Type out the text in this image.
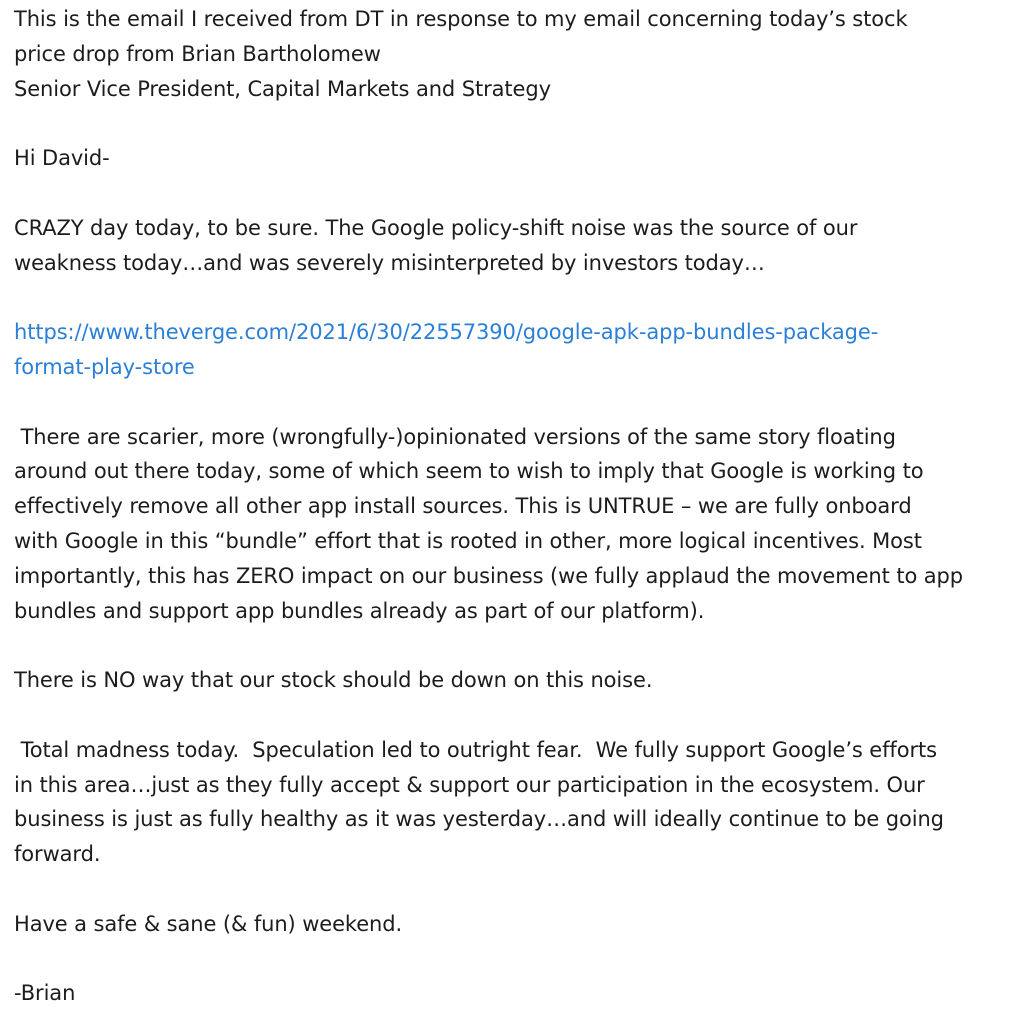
This is the email I received from DT in response to my email concerning today’s stock
price drop from Brian Bartholomew
Senior Vice President, Capital Markets and Strategy
Hi David-
CRAZY day today, to be sure. The Google policy-shift noise was the source of our
weakness today…and was severely misinterpreted by investors today…
https://www.theverge.com/2021/6/30/22557390/google-apk-app-bundles-package-
format-play-store
There are scarier, more (wrongfully-)opinionated versions of the same story floating
around out there today, some of which seem to wish to imply that Google is working to
effectively remove all other app install sources. This is UNTRUE – we are fully onboard
with Google in this “bundle” effort that is rooted in other, more logical incentives. Most
importantly, this has ZERO impact on our business (we fully applaud the movement to app
bundles and support app bundles already as part of our platform).
There is NO way that our stock should be down on this noise.
Total madness today.  Speculation led to outright fear.  We fully support Google’s efforts
in this area…just as they fully accept & support our participation in the ecosystem. Our
business is just as fully healthy as it was yesterday…and will ideally continue to be going
forward.
Have a safe & sane (& fun) weekend.
-Brian
